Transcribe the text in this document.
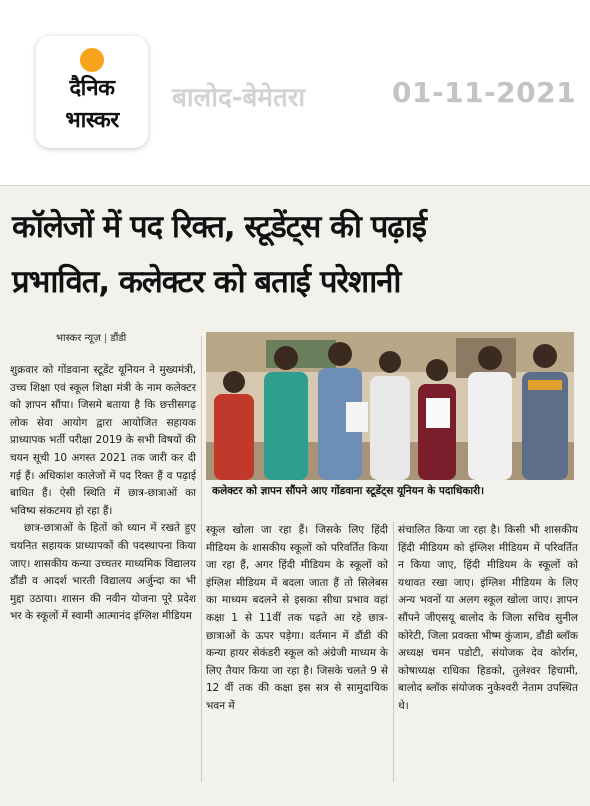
दैनिक
भास्कर
बालोद-बेमेतरा	01-11-2021
कॉलेजों में पद रिक्त, स्टूडेंट्स की पढ़ाई
प्रभावित, कलेक्टर को बताई परेशानी
भास्कर न्यूज़ | डौंडी
कलेक्टर को ज्ञापन सौंपने आए गोंडवाना स्टूडेंट्स यूनियन के पदाधिकारी।

शुक्रवार को गोंडवाना स्टूडेंट यूनियन ने मुख्यमंत्री, उच्च शिक्षा एवं स्कूल शिक्षा मंत्री के नाम कलेक्टर को ज्ञापन सौंपा। जिसमे बताया है कि छत्तीसगढ़ लोक सेवा आयोग द्वारा आयोजित सहायक प्राध्यापक भर्ती परीक्षा 2019 के सभी विषयों की चयन सूची 10 अगस्त 2021 तक जारी कर दी गई हैं। अधिकांश कालेजों में पद रिक्त हैं व पढ़ाई बाधित हैं। ऐसी स्थिति में छात्र-छात्राओं का भविष्य संकटमय हो रहा हैं।

छात्र-छात्राओं के हितों को ध्यान में रखते हुए चयनित सहायक प्राध्यापकों की पदस्थापना किया जाए। शासकीय कन्या उच्चतर माध्यमिक विद्यालय डौंडी व आदर्श भारती विद्यालय अर्जुन्दा का भी मुद्दा उठाया। शासन की नवीन योजना पूरे प्रदेश भर के स्कूलों में स्वामी आत्मानंद इंग्लिश मीडियम

स्कूल खोला जा रहा हैं। जिसके लिए हिंदी मीडियम के शासकीय स्कूलों को परिवर्तित किया जा रहा हैं, अगर हिंदी मीडियम के स्कूलों को इंग्लिश मीडियम में बदला जाता हैं तो सिलेबस का माध्यम बदलने से इसका सीधा प्रभाव वहां कक्षा 1 से 11वीं तक पढ़ते आ रहे छात्र-छात्राओं के ऊपर पड़ेगा। वर्तमान में डौंडी की कन्या हायर सेकंडरी स्कूल को अंग्रेजी माध्यम के लिए तैयार किया जा रहा है। जिसके चलते 9 से 12 वीं तक की कक्षा इस सत्र से सामुदायिक भवन में

संचालित किया जा रहा है। किसी भी शासकीय हिंदी मीडियम को इंग्लिश मीडियम में परिवर्तित न किया जाए, हिंदी मीडियम के स्कूलों को यथावत रखा जाए। इंग्लिश मीडियम के लिए अन्य भवनों या अलग स्कूल खोला जाए। ज्ञापन सौंपने जीएसयू बालोद के जिला सचिव सुनील कोरेटी, जिला प्रवक्ता भीष्म कुंजाम, डौंडी ब्लॉक अध्यक्ष चमन पडोटी, संयोजक देव कोर्राम, कोषाध्यक्ष राधिका हिडको, तुलेश्वर हिचामी, बालोद ब्लॉक संयोजक नुकेश्वरी नेताम उपस्थित थे।
